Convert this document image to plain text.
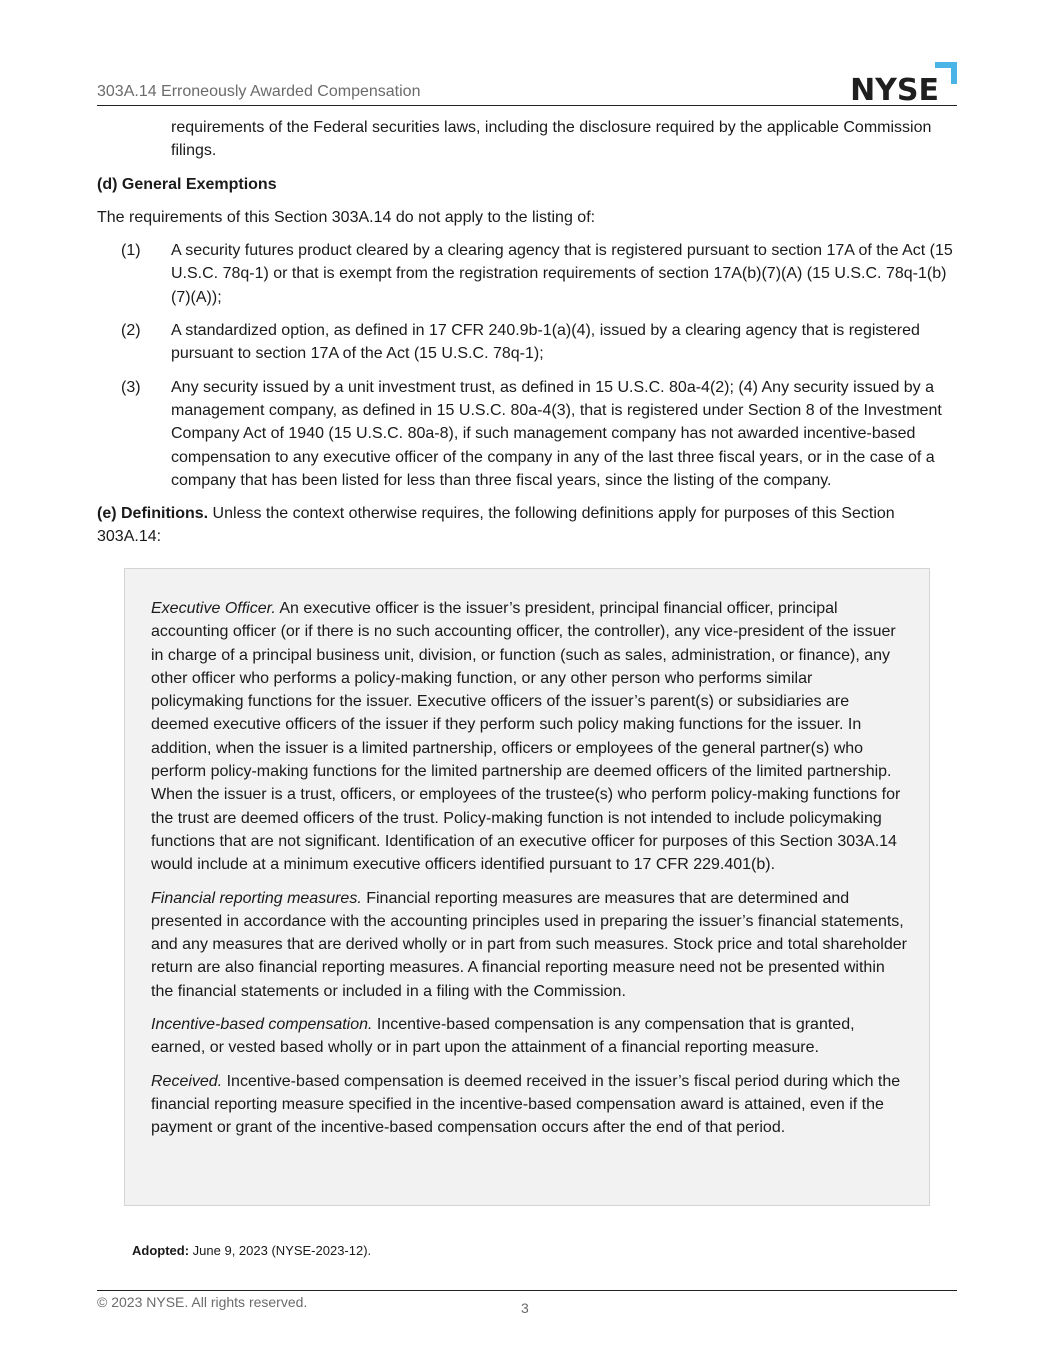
303A.14 Erroneously Awarded Compensation	NYSE

requirements of the Federal securities laws, including the disclosure required by the applicable Commission filings.

(d) General Exemptions

The requirements of this Section 303A.14 do not apply to the listing of:

(1) A security futures product cleared by a clearing agency that is registered pursuant to section 17A of the Act (15 U.S.C. 78q-1) or that is exempt from the registration requirements of section 17A(b)(7)(A) (15 U.S.C. 78q-1(b)(7)(A));
(2) A standardized option, as defined in 17 CFR 240.9b-1(a)(4), issued by a clearing agency that is registered pursuant to section 17A of the Act (15 U.S.C. 78q-1);
(3) Any security issued by a unit investment trust, as defined in 15 U.S.C. 80a-4(2); (4) Any security issued by a management company, as defined in 15 U.S.C. 80a-4(3), that is registered under Section 8 of the Investment Company Act of 1940 (15 U.S.C. 80a-8), if such management company has not awarded incentive-based compensation to any executive officer of the company in any of the last three fiscal years, or in the case of a company that has been listed for less than three fiscal years, since the listing of the company.

(e) Definitions. Unless the context otherwise requires, the following definitions apply for purposes of this Section 303A.14:

Executive Officer. An executive officer is the issuer’s president, principal financial officer, principal accounting officer (or if there is no such accounting officer, the controller), any vice-president of the issuer in charge of a principal business unit, division, or function (such as sales, administration, or finance), any other officer who performs a policy-making function, or any other person who performs similar policymaking functions for the issuer. Executive officers of the issuer’s parent(s) or subsidiaries are deemed executive officers of the issuer if they perform such policy making functions for the issuer. In addition, when the issuer is a limited partnership, officers or employees of the general partner(s) who perform policy-making functions for the limited partnership are deemed officers of the limited partnership. When the issuer is a trust, officers, or employees of the trustee(s) who perform policy-making functions for the trust are deemed officers of the trust. Policy-making function is not intended to include policymaking functions that are not significant. Identification of an executive officer for purposes of this Section 303A.14 would include at a minimum executive officers identified pursuant to 17 CFR 229.401(b).

Financial reporting measures. Financial reporting measures are measures that are determined and presented in accordance with the accounting principles used in preparing the issuer’s financial statements, and any measures that are derived wholly or in part from such measures. Stock price and total shareholder return are also financial reporting measures. A financial reporting measure need not be presented within the financial statements or included in a filing with the Commission.

Incentive-based compensation. Incentive-based compensation is any compensation that is granted, earned, or vested based wholly or in part upon the attainment of a financial reporting measure.

Received. Incentive-based compensation is deemed received in the issuer’s fiscal period during which the financial reporting measure specified in the incentive-based compensation award is attained, even if the payment or grant of the incentive-based compensation occurs after the end of that period.

Adopted: June 9, 2023 (NYSE-2023-12).
© 2023 NYSE. All rights reserved.	3
